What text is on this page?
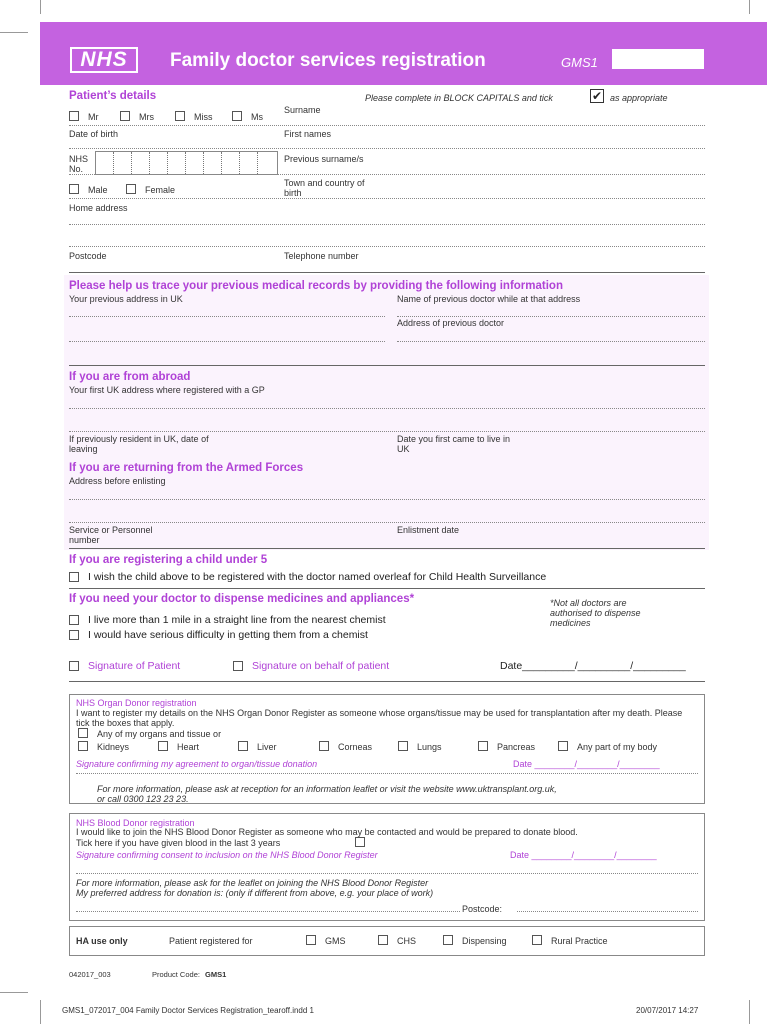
NHS	Family doctor services registration	GMS1
Patient’s details	Please complete in BLOCK CAPITALS and tick	✔ as appropriate
Mr	Mrs	Miss	Ms
Surname
Date of birth	First names
NHS No.
Previous surname/s
Male	Female
Town and country of birth
Home address
Postcode	Telephone number
Please help us trace your previous medical records by providing the following information
Your previous address in UK	Name of previous doctor while at that address
Address of previous doctor
If you are from abroad
Your first UK address where registered with a GP
If previously resident in UK, date of leaving
Date you first came to live in UK
If you are returning from the Armed Forces
Address before enlisting
Service or Personnel number
Enlistment date
If you are registering a child under 5
I wish the child above to be registered with the doctor named overleaf for Child Health Surveillance
If you need your doctor to dispense medicines and appliances*	*Not all doctors are authorised to dispense medicines
I live more than 1 mile in a straight line from the nearest chemist
I would have serious difficulty in getting them from a chemist
Signature of Patient	Signature on behalf of patient	Date_________/_________/_________
NHS Organ Donor registration
I want to register my details on the NHS Organ Donor Register as someone whose organs/tissue may be used for transplantation after my death. Please tick the boxes that apply.
Any of my organs and tissue or
Kidneys	Heart	Liver	Corneas	Lungs	Pancreas	Any part of my body
Signature confirming my agreement to organ/tissue donation	Date ________/________/________
For more information, please ask at reception for an information leaflet or visit the website www.uktransplant.org.uk, or call 0300 123 23 23.
NHS Blood Donor registration
I would like to join the NHS Blood Donor Register as someone who may be contacted and would be prepared to donate blood.
Tick here if you have given blood in the last 3 years
Signature confirming consent to inclusion on the NHS Blood Donor Register	Date ________/________/________
For more information, please ask for the leaflet on joining the NHS Blood Donor Register
My preferred address for donation is: (only if different from above, e.g. your place of work)
Postcode:
HA use only	Patient registered for	GMS	CHS	Dispensing	Rural Practice
042017_003	Product Code: GMS1
GMS1_072017_004 Family Doctor Services Registration_tearoff.indd 1	20/07/2017 14:27
